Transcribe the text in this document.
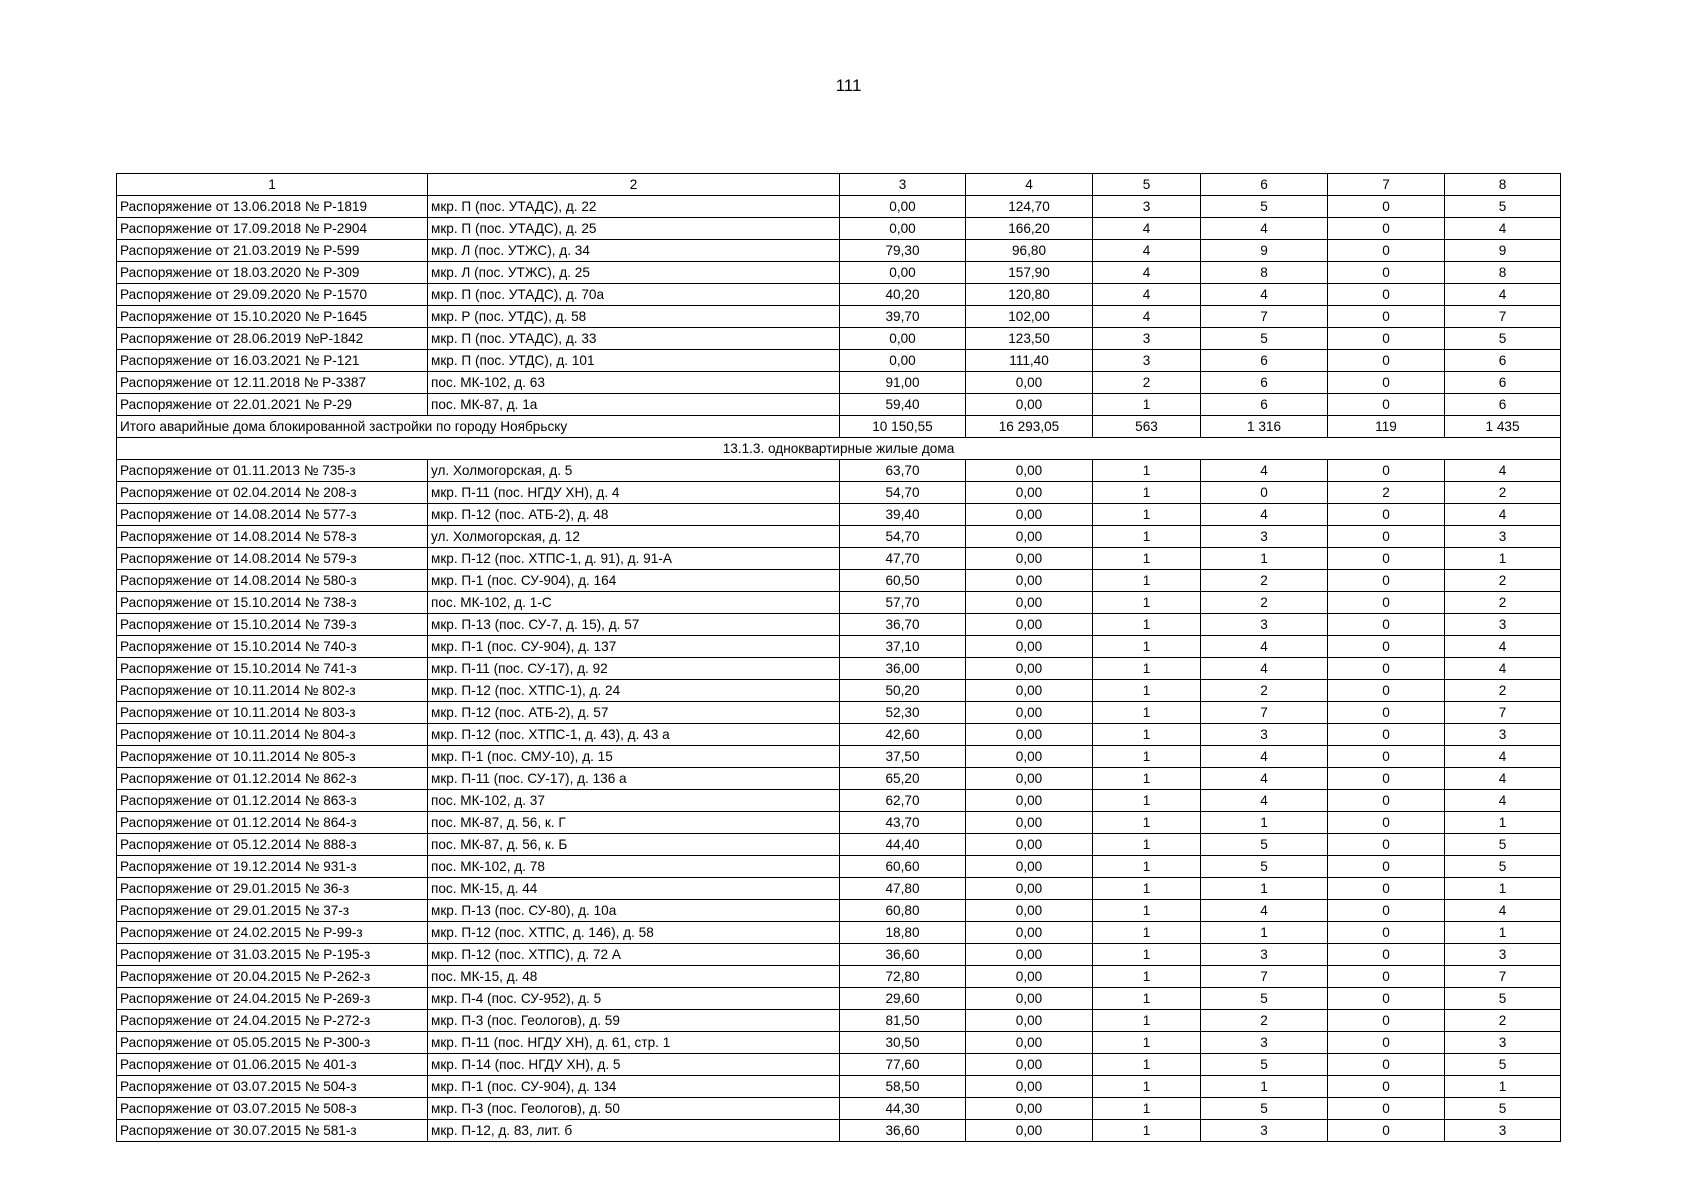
111
1	2	3	4	5	6	7	8
Распоряжение от 13.06.2018 № Р-1819	мкр. П (пос. УТАДС), д. 22	0,00	124,70	3	5	0	5
Распоряжение от 17.09.2018 № Р-2904	мкр. П (пос. УТАДС), д. 25	0,00	166,20	4	4	0	4
Распоряжение от 21.03.2019 № Р-599	мкр. Л (пос. УТЖС), д. 34	79,30	96,80	4	9	0	9
Распоряжение от 18.03.2020 № Р-309	мкр. Л (пос. УТЖС), д. 25	0,00	157,90	4	8	0	8
Распоряжение от 29.09.2020 № Р-1570	мкр. П (пос. УТАДС), д. 70а	40,20	120,80	4	4	0	4
Распоряжение от 15.10.2020 № Р-1645	мкр. Р (пос. УТДС), д. 58	39,70	102,00	4	7	0	7
Распоряжение от 28.06.2019 №Р-1842	мкр. П (пос. УТАДС), д. 33	0,00	123,50	3	5	0	5
Распоряжение от 16.03.2021 № Р-121	мкр. П (пос. УТДС), д. 101	0,00	111,40	3	6	0	6
Распоряжение от 12.11.2018 № Р-3387	пос. МК-102, д. 63	91,00	0,00	2	6	0	6
Распоряжение от 22.01.2021 № Р-29	пос. МК-87, д. 1а	59,40	0,00	1	6	0	6
Итого аварийные дома блокированной застройки по городу Ноябрьску		10 150,55	16 293,05	563	1 316	119	1 435
13.1.3. одноквартирные жилые дома							
Распоряжение от 01.11.2013 № 735-з	ул. Холмогорская, д. 5	63,70	0,00	1	4	0	4
Распоряжение от 02.04.2014 № 208-з	мкр. П-11 (пос. НГДУ ХН), д. 4	54,70	0,00	1	0	2	2
Распоряжение от 14.08.2014 № 577-з	мкр. П-12 (пос. АТБ-2), д. 48	39,40	0,00	1	4	0	4
Распоряжение от 14.08.2014 № 578-з	ул. Холмогорская, д. 12	54,70	0,00	1	3	0	3
Распоряжение от 14.08.2014 № 579-з	мкр. П-12 (пос. ХТПС-1, д. 91), д. 91-А	47,70	0,00	1	1	0	1
Распоряжение от 14.08.2014 № 580-з	мкр. П-1 (пос. СУ-904), д. 164	60,50	0,00	1	2	0	2
Распоряжение от 15.10.2014 № 738-з	пос. МК-102, д. 1-С	57,70	0,00	1	2	0	2
Распоряжение от 15.10.2014 № 739-з	мкр. П-13 (пос. СУ-7, д. 15), д. 57	36,70	0,00	1	3	0	3
Распоряжение от 15.10.2014 № 740-з	мкр. П-1 (пос. СУ-904), д. 137	37,10	0,00	1	4	0	4
Распоряжение от 15.10.2014 № 741-з	мкр. П-11 (пос. СУ-17), д. 92	36,00	0,00	1	4	0	4
Распоряжение от 10.11.2014 № 802-з	мкр. П-12 (пос. ХТПС-1), д. 24	50,20	0,00	1	2	0	2
Распоряжение от 10.11.2014 № 803-з	мкр. П-12 (пос. АТБ-2), д. 57	52,30	0,00	1	7	0	7
Распоряжение от 10.11.2014 № 804-з	мкр. П-12 (пос. ХТПС-1, д. 43), д. 43 а	42,60	0,00	1	3	0	3
Распоряжение от 10.11.2014 № 805-з	мкр. П-1 (пос. СМУ-10), д. 15	37,50	0,00	1	4	0	4
Распоряжение от 01.12.2014 № 862-з	мкр. П-11 (пос. СУ-17), д. 136 а	65,20	0,00	1	4	0	4
Распоряжение от 01.12.2014 № 863-з	пос. МК-102, д. 37	62,70	0,00	1	4	0	4
Распоряжение от 01.12.2014 № 864-з	пос. МК-87, д. 56, к. Г	43,70	0,00	1	1	0	1
Распоряжение от 05.12.2014 № 888-з	пос. МК-87, д. 56, к. Б	44,40	0,00	1	5	0	5
Распоряжение от 19.12.2014 № 931-з	пос. МК-102, д. 78	60,60	0,00	1	5	0	5
Распоряжение от 29.01.2015 № 36-з	пос. МК-15, д. 44	47,80	0,00	1	1	0	1
Распоряжение от 29.01.2015 № 37-з	мкр. П-13 (пос. СУ-80), д. 10а	60,80	0,00	1	4	0	4
Распоряжение от 24.02.2015 № Р-99-з	мкр. П-12 (пос. ХТПС, д. 146), д. 58	18,80	0,00	1	1	0	1
Распоряжение от 31.03.2015 № Р-195-з	мкр. П-12 (пос. ХТПС), д. 72 А	36,60	0,00	1	3	0	3
Распоряжение от 20.04.2015 № Р-262-з	пос. МК-15, д. 48	72,80	0,00	1	7	0	7
Распоряжение от 24.04.2015 № Р-269-з	мкр. П-4 (пос. СУ-952), д. 5	29,60	0,00	1	5	0	5
Распоряжение от 24.04.2015 № Р-272-з	мкр. П-3 (пос. Геологов), д. 59	81,50	0,00	1	2	0	2
Распоряжение от 05.05.2015 № Р-300-з	мкр. П-11 (пос. НГДУ ХН), д. 61, стр. 1	30,50	0,00	1	3	0	3
Распоряжение от 01.06.2015 № 401-з	мкр. П-14 (пос. НГДУ ХН), д. 5	77,60	0,00	1	5	0	5
Распоряжение от 03.07.2015 № 504-з	мкр. П-1 (пос. СУ-904), д. 134	58,50	0,00	1	1	0	1
Распоряжение от 03.07.2015 № 508-з	мкр. П-3 (пос. Геологов), д. 50	44,30	0,00	1	5	0	5
Распоряжение от 30.07.2015 № 581-з	мкр. П-12, д. 83, лит. б	36,60	0,00	1	3	0	3
